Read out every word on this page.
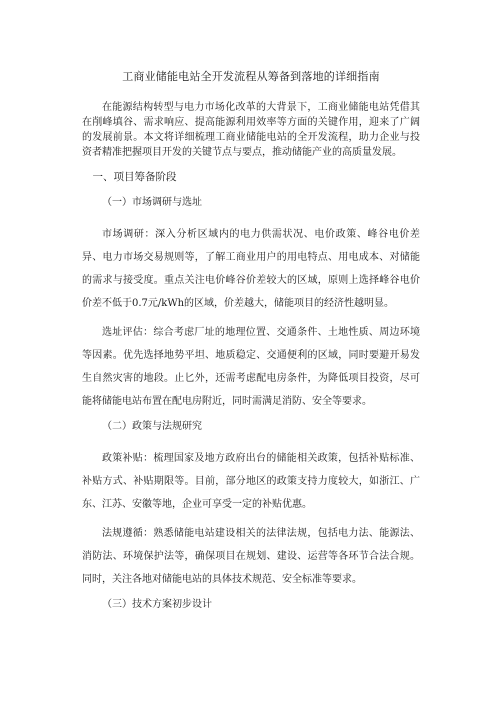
工商业储能电站全开发流程从筹备到落地的详细指南

在能源结构转型与电力市场化改革的大背景下，工商业储能电站凭借其在削峰填谷、需求响应、提高能源利用效率等方面的关键作用，迎来了广阔的发展前景。本文将详细梳理工商业储能电站的全开发流程，助力企业与投资者精准把握项目开发的关键节点与要点，推动储能产业的高质量发展。

一、项目筹备阶段
（一）市场调研与选址

市场调研：深入分析区域内的电力供需状况、电价政策、峰谷电价差异、电力市场交易规则等，了解工商业用户的用电特点、用电成本、对储能的需求与接受度。重点关注电价峰谷价差较大的区域，原则上选择峰谷电价价差不低于0.7元/kWh的区域，价差越大，储能项目的经济性越明显。

选址评估：综合考虑厂址的地理位置、交通条件、土地性质、周边环境等因素。优先选择地势平坦、地质稳定、交通便利的区域，同时要避开易发生自然灾害的地段。止匕外，还需考虑配电房条件，为降低项目投资，尽可能将储能电站布置在配电房附近，同时需满足消防、安全等要求。

（二）政策与法规研究

政策补贴：梳理国家及地方政府出台的储能相关政策，包括补贴标准、补贴方式、补贴期限等。目前，部分地区的政策支持力度较大，如浙江、广东、江苏、安徽等地，企业可享受一定的补贴优惠。

法规遵循：熟悉储能电站建设相关的法律法规，包括电力法、能源法、消防法、环境保护法等，确保项目在规划、建设、运营等各环节合法合规。同时，关注各地对储能电站的具体技术规范、安全标准等要求。

（三）技术方案初步设计
